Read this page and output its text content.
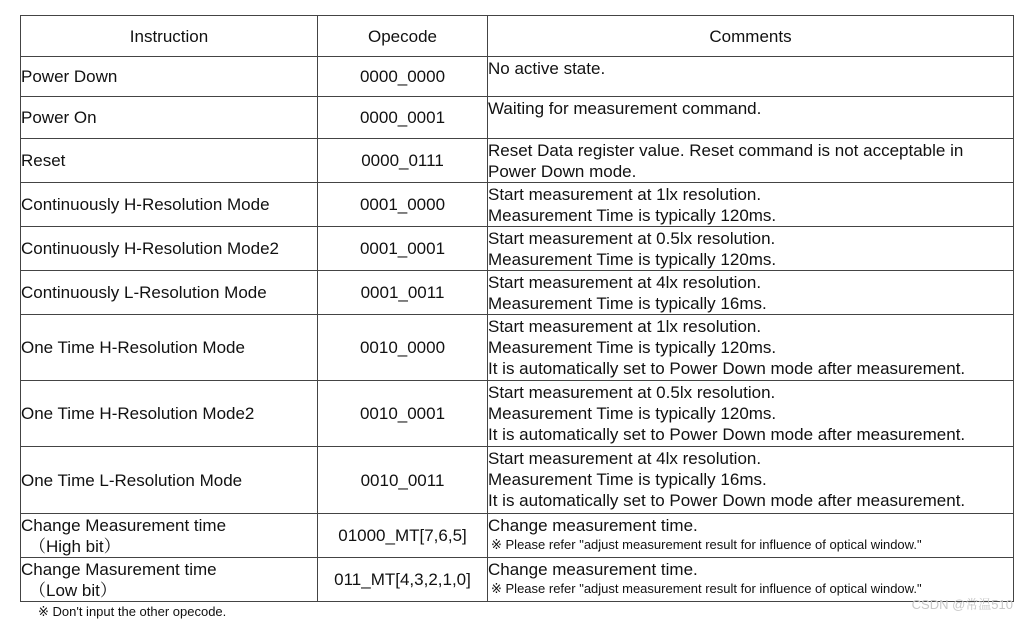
Instruction	Opecode	Comments
Power Down	0000_0000	No active state.

Power On	0000_0001	Waiting for measurement command.

Reset	0000_0111	Reset Data register value. Reset command is not acceptable in Power Down mode.

Continuously H-Resolution Mode	0001_0000	Start measurement at 1lx resolution.
Measurement Time is typically 120ms.

Continuously H-Resolution Mode2	0001_0001	Start measurement at 0.5lx resolution.
Measurement Time is typically 120ms.

Continuously L-Resolution Mode	0001_0011	Start measurement at 4lx resolution.
Measurement Time is typically 16ms.

One Time H-Resolution Mode	0010_0000	Start measurement at 1lx resolution.
Measurement Time is typically 120ms.
It is automatically set to Power Down mode after measurement.

One Time H-Resolution Mode2	0010_0001	Start measurement at 0.5lx resolution.
Measurement Time is typically 120ms.
It is automatically set to Power Down mode after measurement.

One Time L-Resolution Mode	0010_0011	Start measurement at 4lx resolution.
Measurement Time is typically 16ms.
It is automatically set to Power Down mode after measurement.

Change Measurement time
（High bit）	01000_MT[7,6,5]	Change measurement time.
※ Please refer "adjust measurement result for influence of optical window."

Change Masurement time
（Low bit）	011_MT[4,3,2,1,0]	Change measurement time.
※ Please refer "adjust measurement result for influence of optical window."
※ Don't input the other opecode.	CSDN @常温510
